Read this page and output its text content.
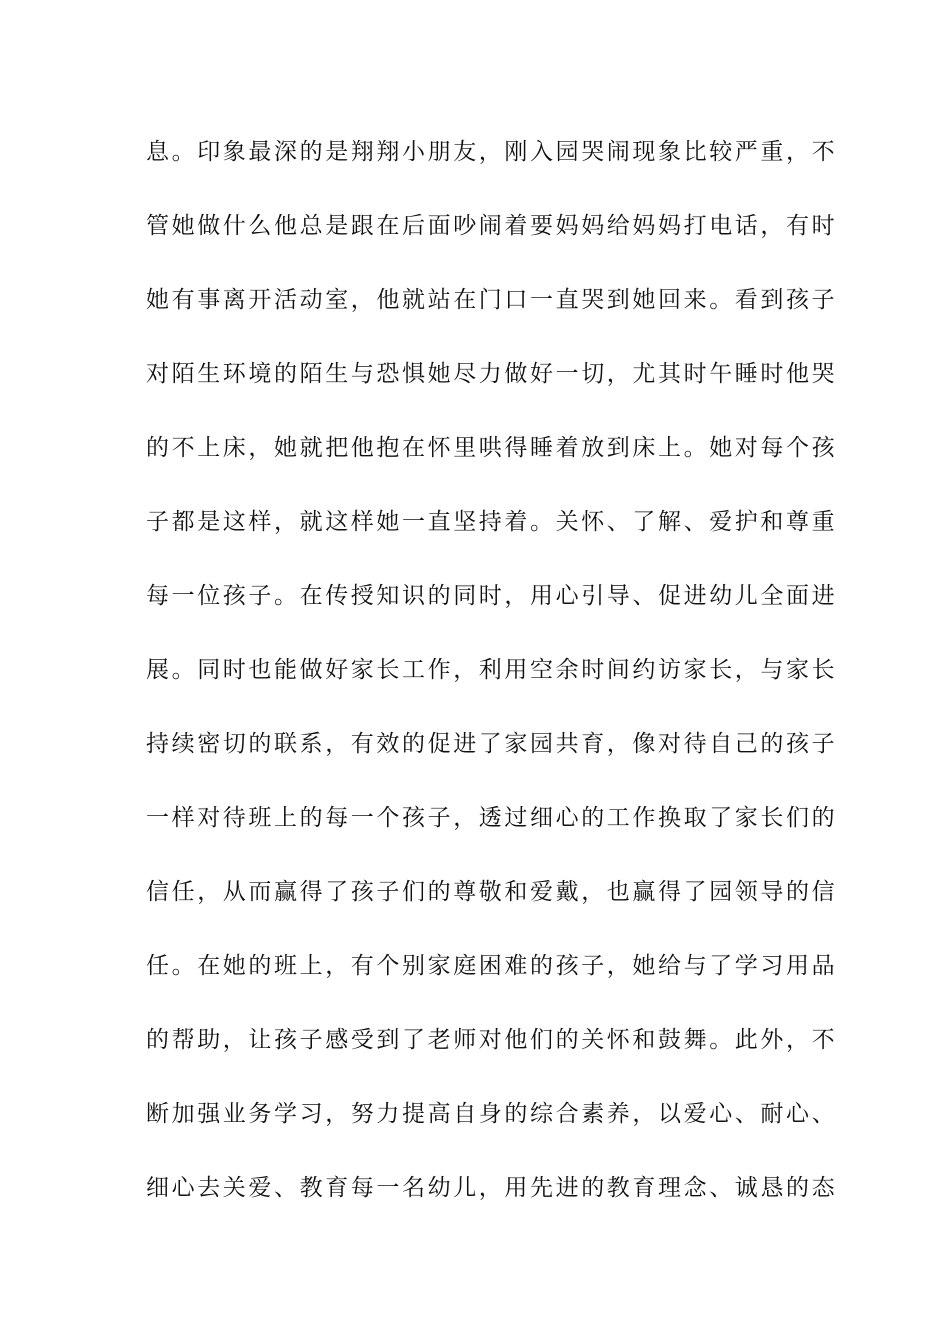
息。印象最深的是翔翔小朋友，刚入园哭闹现象比较严重，不
管她做什么他总是跟在后面吵闹着要妈妈给妈妈打电话，有时
她有事离开活动室，他就站在门口一直哭到她回来。看到孩子
对陌生环境的陌生与恐惧她尽力做好一切，尤其时午睡时他哭
的不上床，她就把他抱在怀里哄得睡着放到床上。她对每个孩
子都是这样，就这样她一直坚持着。关怀、了解、爱护和尊重
每一位孩子。在传授知识的同时，用心引导、促进幼儿全面进
展。同时也能做好家长工作，利用空余时间约访家长，与家长
持续密切的联系，有效的促进了家园共育，像对待自己的孩子
一样对待班上的每一个孩子，透过细心的工作换取了家长们的
信任，从而赢得了孩子们的尊敬和爱戴，也赢得了园领导的信
任。在她的班上，有个别家庭困难的孩子，她给与了学习用品
的帮助，让孩子感受到了老师对他们的关怀和鼓舞。此外，不
断加强业务学习，努力提高自身的综合素养，以爱心、耐心、
细心去关爱、教育每一名幼儿，用先进的教育理念、诚恳的态
